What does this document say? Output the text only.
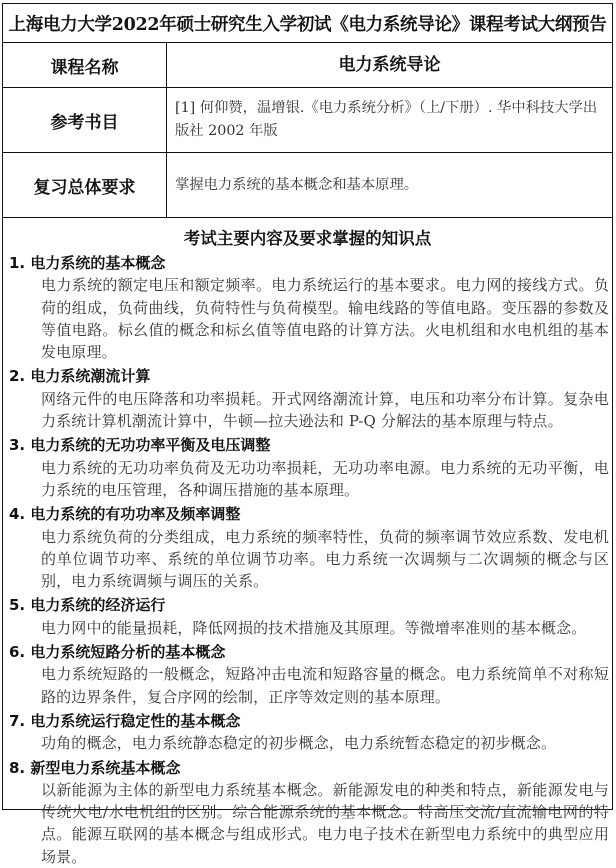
上海电力大学2022年硕士研究生入学初试《电力系统导论》课程考试大纲预告
课程名称	电力系统导论
参考书目
[1] 何仰赞，温增银.《电力系统分析》（上/下册）. 华中科技大学出版社 2002 年版
复习总体要求	掌握电力系统的基本概念和基本原理。
考试主要内容及要求掌握的知识点
1. 电力系统的基本概念
电力系统的额定电压和额定频率。电力系统运行的基本要求。电力网的接线方式。负荷的组成，负荷曲线，负荷特性与负荷模型。输电线路的等值电路。变压器的参数及等值电路。标幺值的概念和标幺值等值电路的计算方法。火电机组和水电机组的基本发电原理。
2. 电力系统潮流计算
网络元件的电压降落和功率损耗。开式网络潮流计算，电压和功率分布计算。复杂电力系统计算机潮流计算中，牛顿—拉夫逊法和 P-Q 分解法的基本原理与特点。
3. 电力系统的无功功率平衡及电压调整
电力系统的无功功率负荷及无功功率损耗，无功功率电源。电力系统的无功平衡，电力系统的电压管理，各种调压措施的基本原理。
4. 电力系统的有功功率及频率调整
电力系统负荷的分类组成，电力系统的频率特性，负荷的频率调节效应系数、发电机的单位调节功率、系统的单位调节功率。电力系统一次调频与二次调频的概念与区别，电力系统调频与调压的关系。
5. 电力系统的经济运行
电力网中的能量损耗，降低网损的技术措施及其原理。等微增率准则的基本概念。
6. 电力系统短路分析的基本概念
电力系统短路的一般概念，短路冲击电流和短路容量的概念。电力系统简单不对称短路的边界条件，复合序网的绘制，正序等效定则的基本原理。
7. 电力系统运行稳定性的基本概念
功角的概念，电力系统静态稳定的初步概念，电力系统暂态稳定的初步概念。
8. 新型电力系统基本概念
以新能源为主体的新型电力系统基本概念。新能源发电的种类和特点，新能源发电与传统火电/水电机组的区别。综合能源系统的基本概念。特高压交流/直流输电网的特点。能源互联网的基本概念与组成形式。电力电子技术在新型电力系统中的典型应用场景。
